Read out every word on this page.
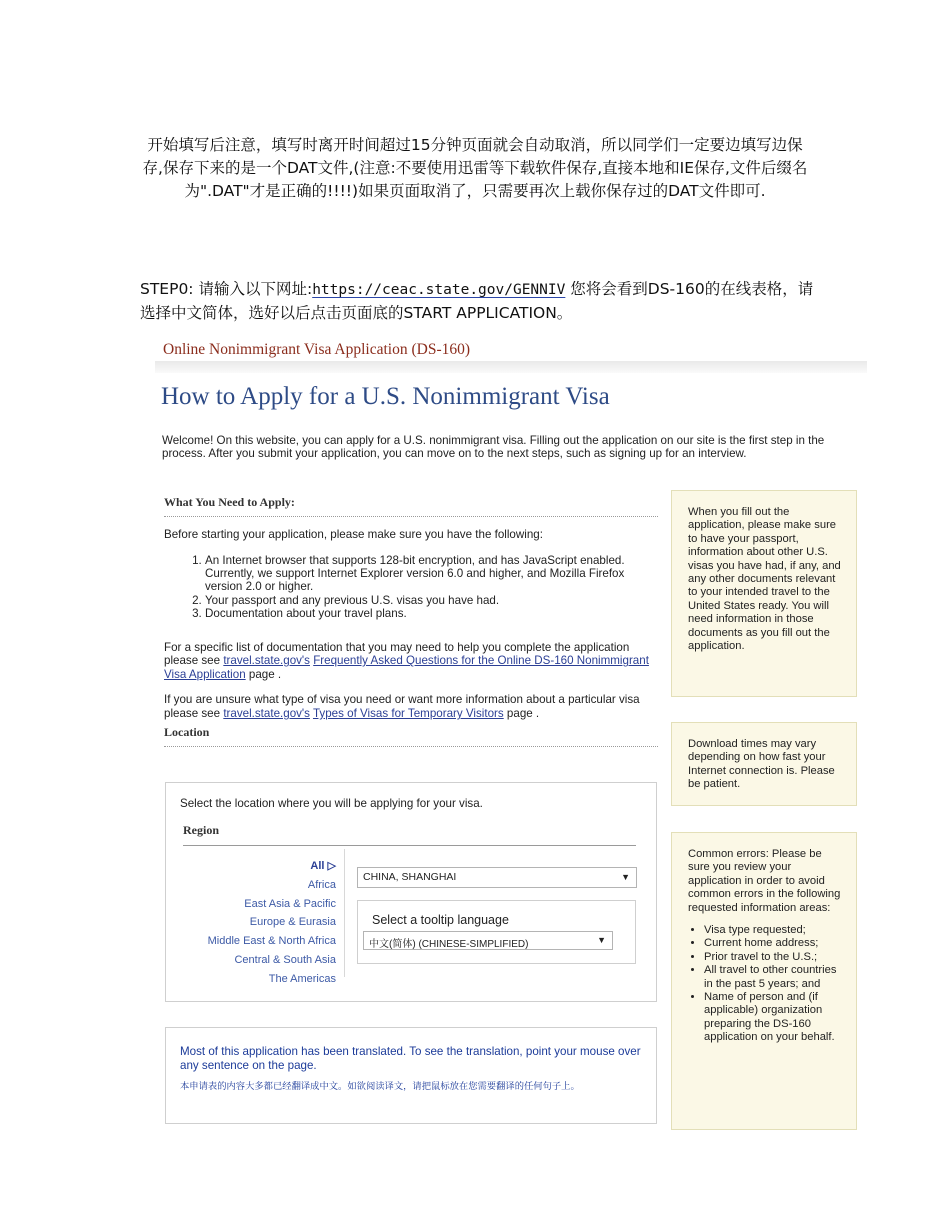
开始填写后注意，填写时离开时间超过15分钟页面就会自动取消，所以同学们一定要边填写边保存,保存下来的是一个DAT文件,(注意:不要使用迅雷等下载软件保存,直接本地和IE保存,文件后缀名为".DAT"才是正确的!!!!)如果页面取消了，只需要再次上载你保存过的DAT文件即可.
STEP0: 请输入以下网址:https://ceac.state.gov/GENNIV 您将会看到DS-160的在线表格，请选择中文简体，选好以后点击页面底的START APPLICATION。
Online Nonimmigrant Visa Application (DS-160)
How to Apply for a U.S. Nonimmigrant Visa
Welcome! On this website, you can apply for a U.S. nonimmigrant visa. Filling out the application on our site is the first step in the process. After you submit your application, you can move on to the next steps, such as signing up for an interview.
What You Need to Apply:
Before starting your application, please make sure you have the following:
1. An Internet browser that supports 128-bit encryption, and has JavaScript enabled. Currently, we support Internet Explorer version 6.0 and higher, and Mozilla Firefox version 2.0 or higher.
2. Your passport and any previous U.S. visas you have had.
3. Documentation about your travel plans.
For a specific list of documentation that you may need to help you complete the application please see travel.state.gov's Frequently Asked Questions for the Online DS-160 Nonimmigrant Visa Application page .
If you are unsure what type of visa you need or want more information about a particular visa please see travel.state.gov's Types of Visas for Temporary Visitors page .
Location
Select the location where you will be applying for your visa.
Region
All ▷
Africa
East Asia & Pacific
Europe & Eurasia
Middle East & North Africa
Central & South Asia
The Americas
CHINA, SHANGHAI	▼
Select a tooltip language
中文(简体) (CHINESE-SIMPLIFIED)	▼
Most of this application has been translated. To see the translation, point your mouse over any sentence on the page.
本申请表的内容大多都已经翻译成中文。如欲阅读译文，请把鼠标放在您需要翻译的任何句子上。
When you fill out the application, please make sure to have your passport, information about other U.S. visas you have had, if any, and any other documents relevant to your intended travel to the United States ready. You will need information in those documents as you fill out the application.
Download times may vary depending on how fast your Internet connection is. Please be patient.
Common errors: Please be sure you review your application in order to avoid common errors in the following requested information areas:
• Visa type requested;
• Current home address;
• Prior travel to the U.S.;
• All travel to other countries in the past 5 years; and
• Name of person and (if applicable) organization preparing the DS-160 application on your behalf.
